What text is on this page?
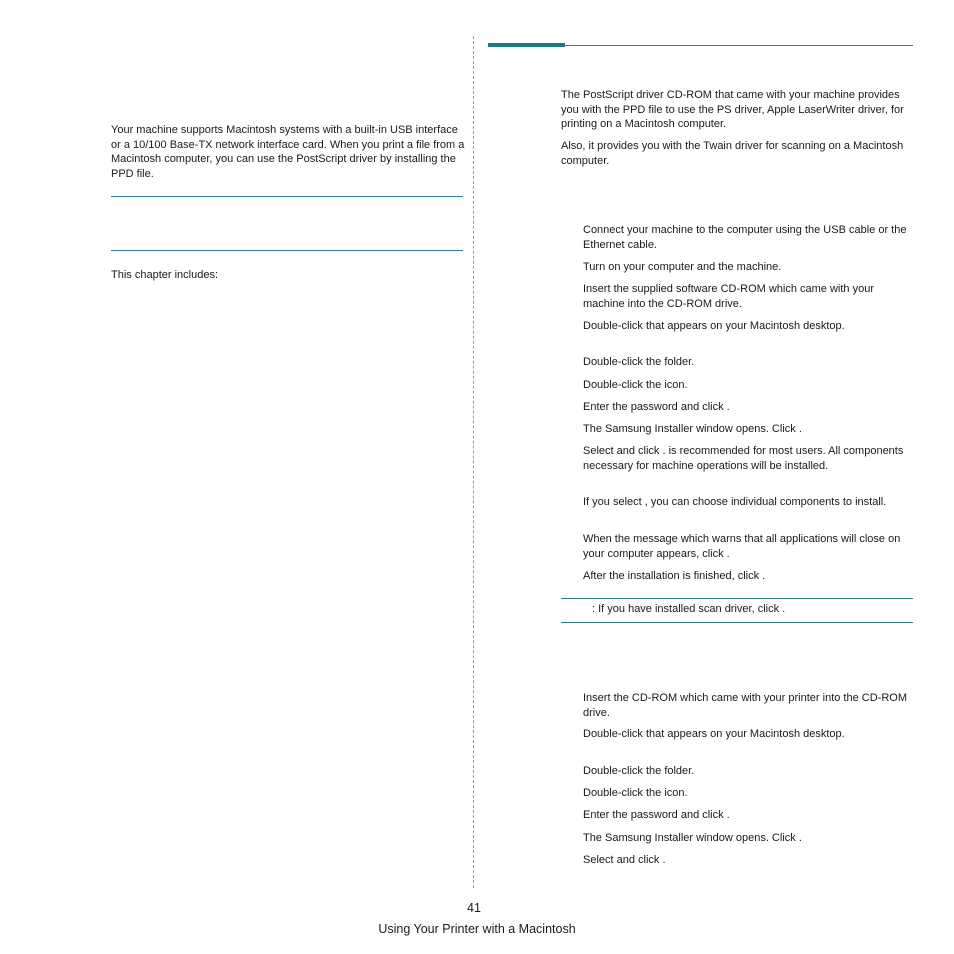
Your machine supports Macintosh systems with a built-in USB interface or a 10/100 Base-TX network interface card. When you print a file from a Macintosh computer, you can use the PostScript driver by installing the PPD file.

This chapter includes:

The PostScript driver CD-ROM that came with your machine provides you with the PPD file to use the PS driver, Apple LaserWriter driver, for printing on a Macintosh computer.

Also, it provides you with the Twain driver for scanning on a Macintosh computer.

Connect your machine to the computer using the USB cable or the Ethernet cable.

Turn on your computer and the machine.

Insert the supplied software CD-ROM which came with your machine into the CD-ROM drive.

Double-click that appears on your Macintosh desktop.

Double-click the folder.

Double-click the icon.

Enter the password and click .

The Samsung Installer window opens. Click .

Select and click . is recommended for most users. All components necessary for machine operations will be installed.

If you select , you can choose individual components to install.

When the message which warns that all applications will close on your computer appears, click .

After the installation is finished, click .

: If you have installed scan driver, click .

Insert the CD-ROM which came with your printer into the CD-ROM drive.

Double-click that appears on your Macintosh desktop.

Double-click the folder.

Double-click the icon.

Enter the password and click .

The Samsung Installer window opens. Click .

Select and click .

41
Using Your Printer with a Macintosh
